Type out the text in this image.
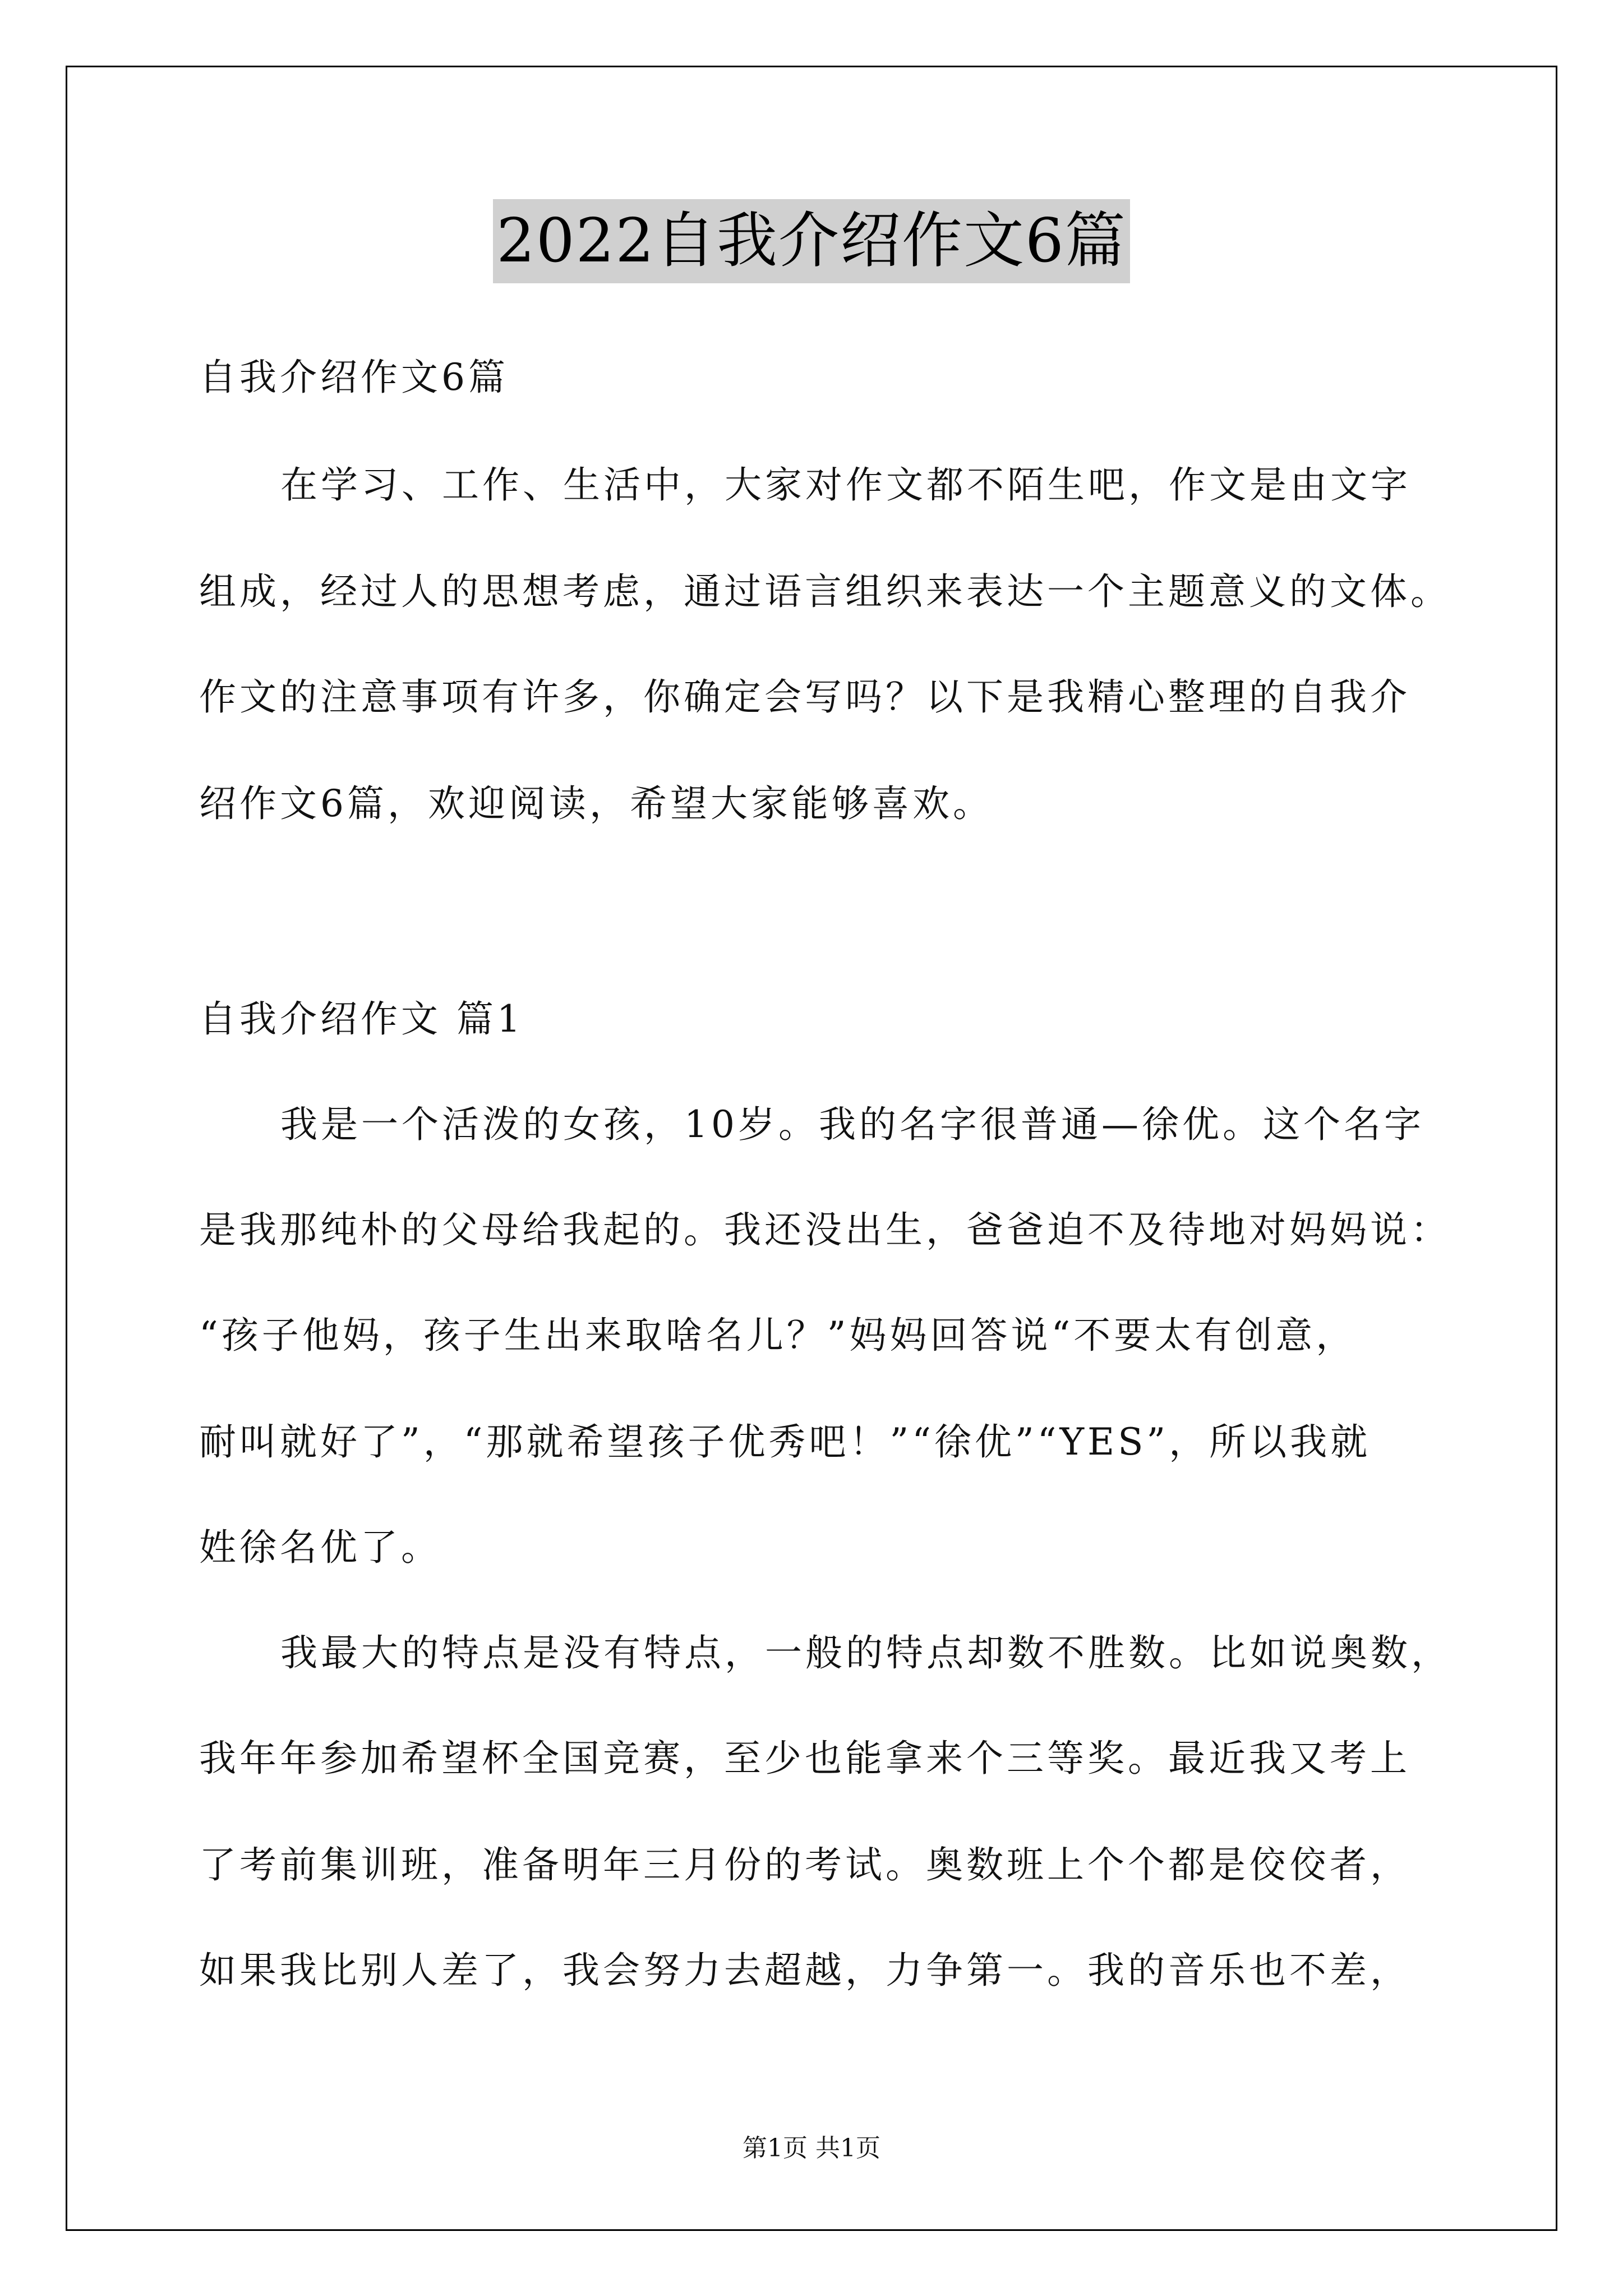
2022自我介绍作文6篇
自我介绍作文6篇
在学习、工作、生活中，大家对作文都不陌生吧，作文是由文字
组成，经过人的思想考虑，通过语言组织来表达一个主题意义的文体。
作文的注意事项有许多，你确定会写吗？以下是我精心整理的自我介
绍作文6篇，欢迎阅读，希望大家能够喜欢。
自我介绍作文 篇1
我是一个活泼的女孩，10岁。我的名字很普通—徐优。这个名字
是我那纯朴的父母给我起的。我还没出生，爸爸迫不及待地对妈妈说：
“孩子他妈，孩子生出来取啥名儿？”妈妈回答说“不要太有创意，
耐叫就好了”，“那就希望孩子优秀吧！”“徐优”“YES”，所以我就
姓徐名优了。
我最大的特点是没有特点，一般的特点却数不胜数。比如说奥数，
我年年参加希望杯全国竞赛，至少也能拿来个三等奖。最近我又考上
了考前集训班，准备明年三月份的考试。奥数班上个个都是佼佼者，
如果我比别人差了，我会努力去超越，力争第一。我的音乐也不差，
第1页 共1页
